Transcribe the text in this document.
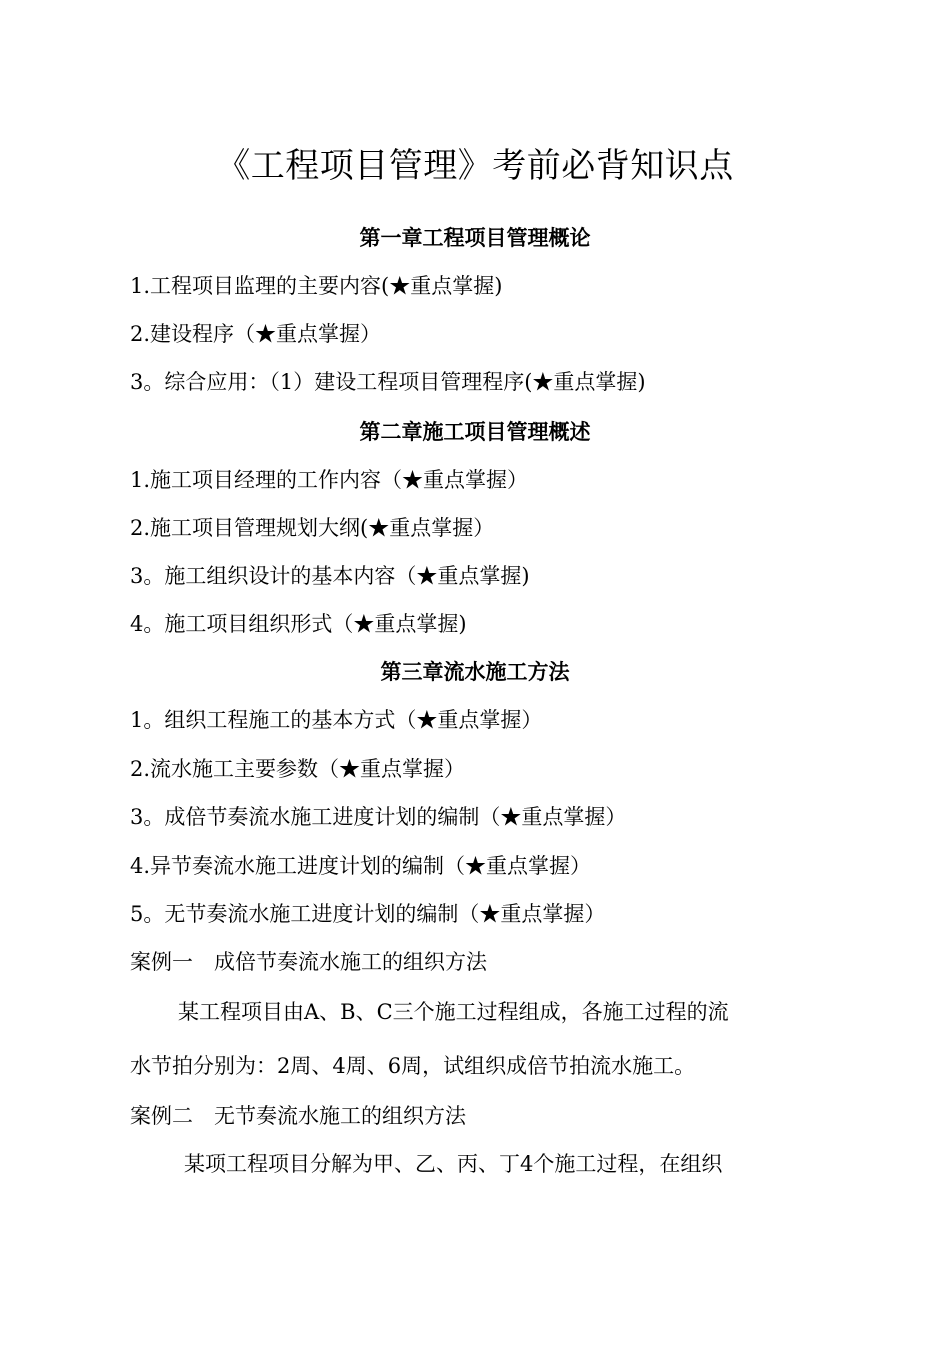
《工程项目管理》考前必背知识点
第一章工程项目管理概论
1.工程项目监理的主要内容(★重点掌握)
2.建设程序（★重点掌握）
3。综合应用：（1）建设工程项目管理程序(★重点掌握)
第二章施工项目管理概述
1.施工项目经理的工作内容（★重点掌握）
2.施工项目管理规划大纲(★重点掌握）
3。施工组织设计的基本内容（★重点掌握)
4。施工项目组织形式（★重点掌握)
第三章流水施工方法
1。组织工程施工的基本方式（★重点掌握）
2.流水施工主要参数（★重点掌握）
3。成倍节奏流水施工进度计划的编制（★重点掌握）
4.异节奏流水施工进度计划的编制（★重点掌握）
5。无节奏流水施工进度计划的编制（★重点掌握）
案例一　成倍节奏流水施工的组织方法
某工程项目由A、B、C三个施工过程组成，各施工过程的流
水节拍分别为：2周、4周、6周，试组织成倍节拍流水施工。
案例二　无节奏流水施工的组织方法
某项工程项目分解为甲、乙、丙、丁4个施工过程，在组织
